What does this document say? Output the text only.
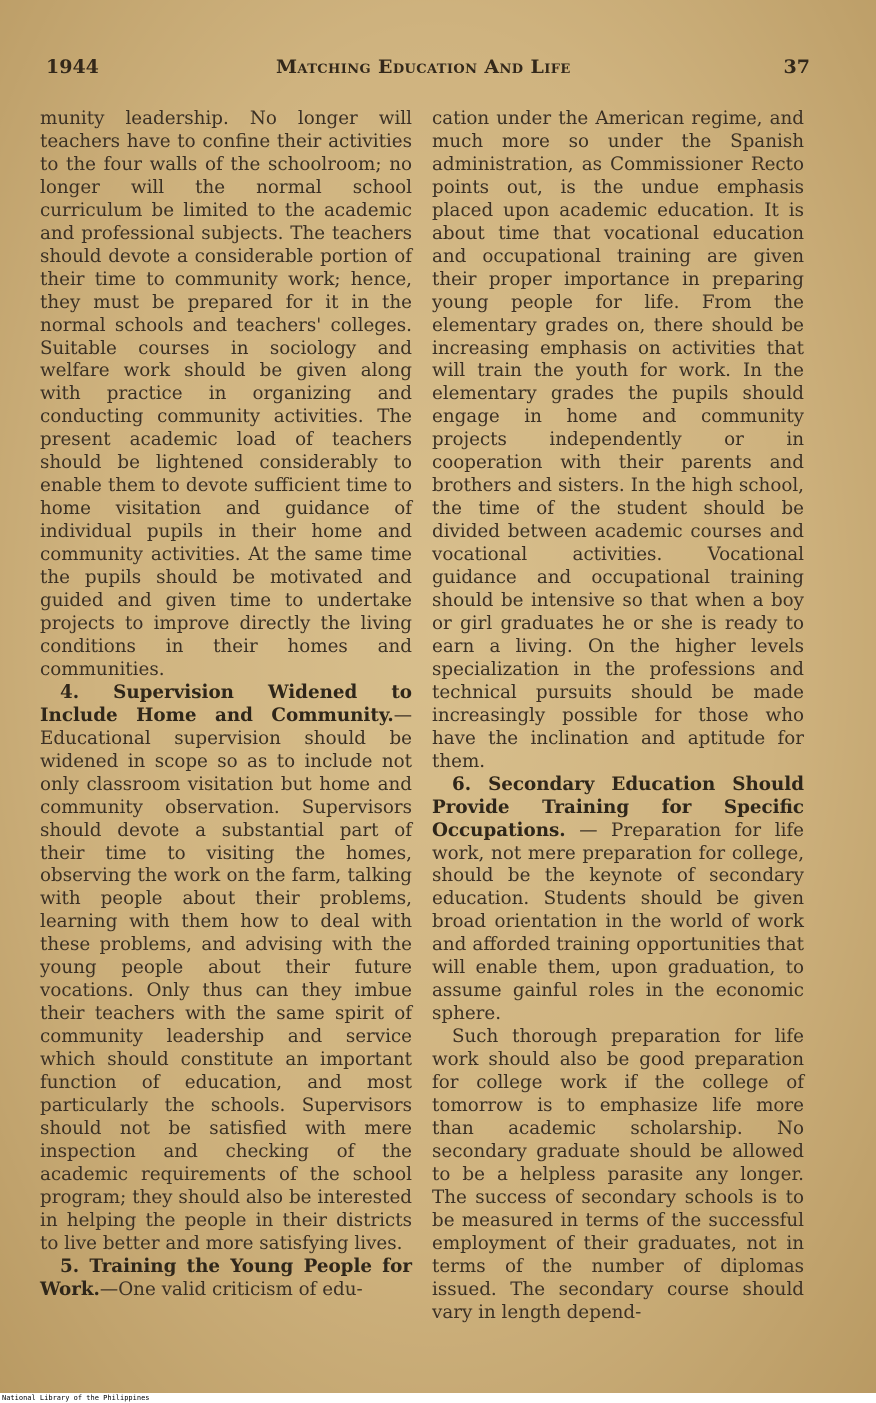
1944	Matching Education And Life	37

munity leadership. No longer will teachers have to confine their activities to the four walls of the schoolroom; no longer will the normal school curriculum be limited to the academic and professional subjects. The teachers should devote a considerable portion of their time to community work; hence, they must be prepared for it in the normal schools and teachers' colleges. Suitable courses in sociology and welfare work should be given along with practice in organizing and conducting community activities. The present academic load of teachers should be lightened considerably to enable them to devote sufficient time to home visitation and guidance of individual pupils in their home and community activities. At the same time the pupils should be motivated and guided and given time to undertake projects to improve directly the living conditions in their homes and communities.

4. Supervision Widened to Include Home and Community.—Educational supervision should be widened in scope so as to include not only classroom visitation but home and community observation. Supervisors should devote a substantial part of their time to visiting the homes, observing the work on the farm, talking with people about their problems, learning with them how to deal with these problems, and advising with the young people about their future vocations. Only thus can they imbue their teachers with the same spirit of community leadership and service which should constitute an important function of education, and most particularly the schools. Supervisors should not be satisfied with mere inspection and checking of the academic requirements of the school program; they should also be interested in helping the people in their districts to live better and more satisfying lives.

5. Training the Young People for Work.—One valid criticism of edu-

cation under the American regime, and much more so under the Spanish administration, as Commissioner Recto points out, is the undue emphasis placed upon academic education. It is about time that vocational education and occupational training are given their proper importance in preparing young people for life. From the elementary grades on, there should be increasing emphasis on activities that will train the youth for work. In the elementary grades the pupils should engage in home and community projects independently or in cooperation with their parents and brothers and sisters. In the high school, the time of the student should be divided between academic courses and vocational activities. Vocational guidance and occupational training should be intensive so that when a boy or girl graduates he or she is ready to earn a living. On the higher levels specialization in the professions and technical pursuits should be made increasingly possible for those who have the inclination and aptitude for them.

6. Secondary Education Should Provide Training for Specific Occupations. — Preparation for life work, not mere preparation for college, should be the keynote of secondary education. Students should be given broad orientation in the world of work and afforded training opportunities that will enable them, upon graduation, to assume gainful roles in the economic sphere.

Such thorough preparation for life work should also be good preparation for college work if the college of tomorrow is to emphasize life more than academic scholarship. No secondary graduate should be allowed to be a helpless parasite any longer. The success of secondary schools is to be measured in terms of the successful employment of their graduates, not in terms of the number of diplomas issued. The secondary course should vary in length depend-

National Library of the Philippines
